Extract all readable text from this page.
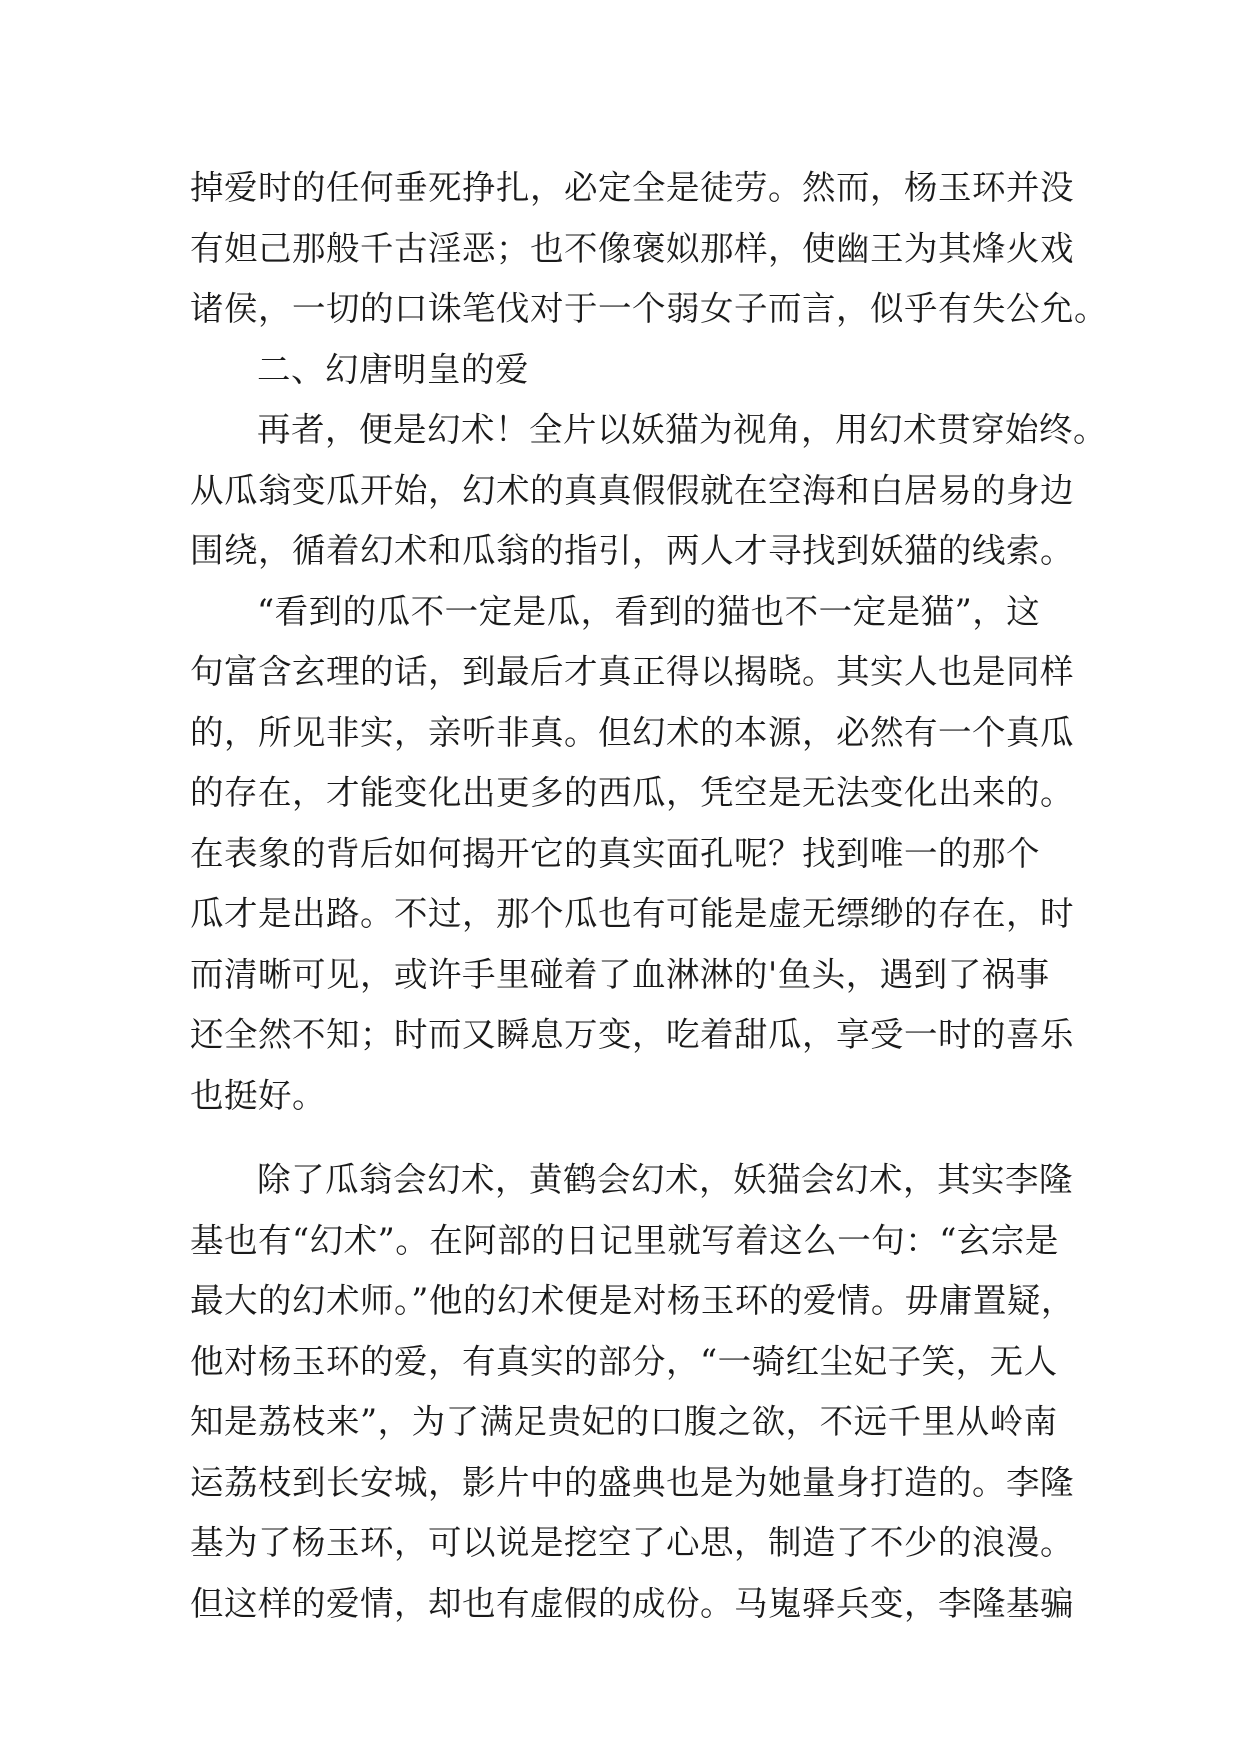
掉爱时的任何垂死挣扎，必定全是徒劳。然而，杨玉环并没
有妲己那般千古淫恶；也不像褒姒那样，使幽王为其烽火戏
诸侯，一切的口诛笔伐对于一个弱女子而言，似乎有失公允。
二、幻唐明皇的爱
再者，便是幻术！全片以妖猫为视角，用幻术贯穿始终。
从瓜翁变瓜开始，幻术的真真假假就在空海和白居易的身边
围绕，循着幻术和瓜翁的指引，两人才寻找到妖猫的线索。
“看到的瓜不一定是瓜，看到的猫也不一定是猫”，这
句富含玄理的话，到最后才真正得以揭晓。其实人也是同样
的，所见非实，亲听非真。但幻术的本源，必然有一个真瓜
的存在，才能变化出更多的西瓜，凭空是无法变化出来的。
在表象的背后如何揭开它的真实面孔呢？找到唯一的那个
瓜才是出路。不过，那个瓜也有可能是虚无缥缈的存在，时
而清晰可见，或许手里碰着了血淋淋的'鱼头，遇到了祸事
还全然不知；时而又瞬息万变，吃着甜瓜，享受一时的喜乐
也挺好。
除了瓜翁会幻术，黄鹤会幻术，妖猫会幻术，其实李隆
基也有“幻术”。在阿部的日记里就写着这么一句：“玄宗是
最大的幻术师。”他的幻术便是对杨玉环的爱情。毋庸置疑，
他对杨玉环的爱，有真实的部分，“一骑红尘妃子笑，无人
知是荔枝来”，为了满足贵妃的口腹之欲，不远千里从岭南
运荔枝到长安城，影片中的盛典也是为她量身打造的。李隆
基为了杨玉环，可以说是挖空了心思，制造了不少的浪漫。
但这样的爱情，却也有虚假的成份。马嵬驿兵变，李隆基骗
